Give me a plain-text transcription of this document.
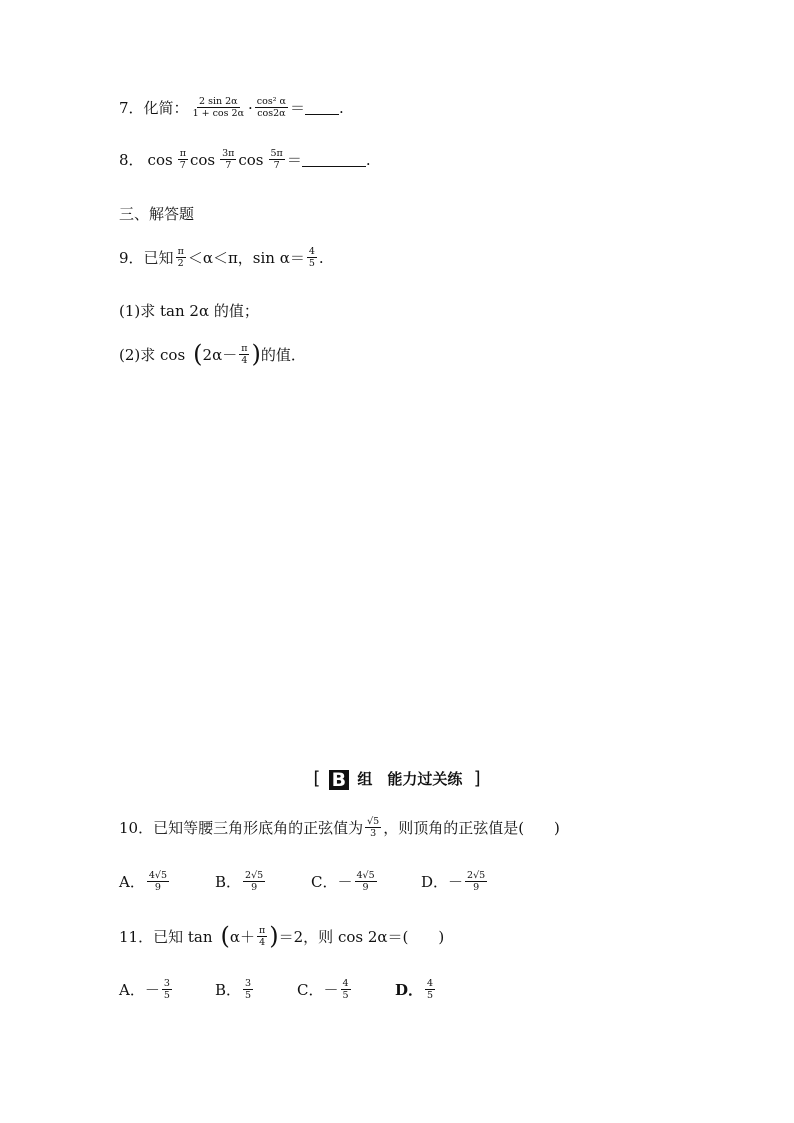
7． 化简： $\frac{2 \sin 2\alpha}{1 + \cos 2\alpha} \cdot \frac{\text{cos² α}}{\cos 2\alpha}$ ＝ .
8． $\cos \frac{\pi}{7}$ $\cos \frac{3\pi}{7}$ $\cos \frac{5\pi}{7}$ ＝	.
三、解答题
9． 已知 $\frac{\pi}{2} <\alpha<\pi$，$\sin \alpha= \frac{4}{5}$ .
(1)求 tan 2α 的值；
(2)求 cos ( $2\alpha- \frac{\pi}{4}$ ) 的值．
[ B 组　能力过关练 ]
10．已知等腰三角形底角的正弦值为 $\frac{√5}{3}$ ，则顶角的正弦值是(　　)
A． $\frac{4√5}{9}$	B． $\frac{2√5}{9}$	C． － $\frac{4√5}{9}$	D． － $\frac{2√5}{9}$
11．已知 tan ( $\alpha+ \frac{\pi}{4}$ ) ＝2，则 cos 2α＝(　　)
A． － $\frac{3}{5}$	B． $\frac{3}{5}$	C． － $\frac{4}{5}$	D． $\frac{4}{5}$
